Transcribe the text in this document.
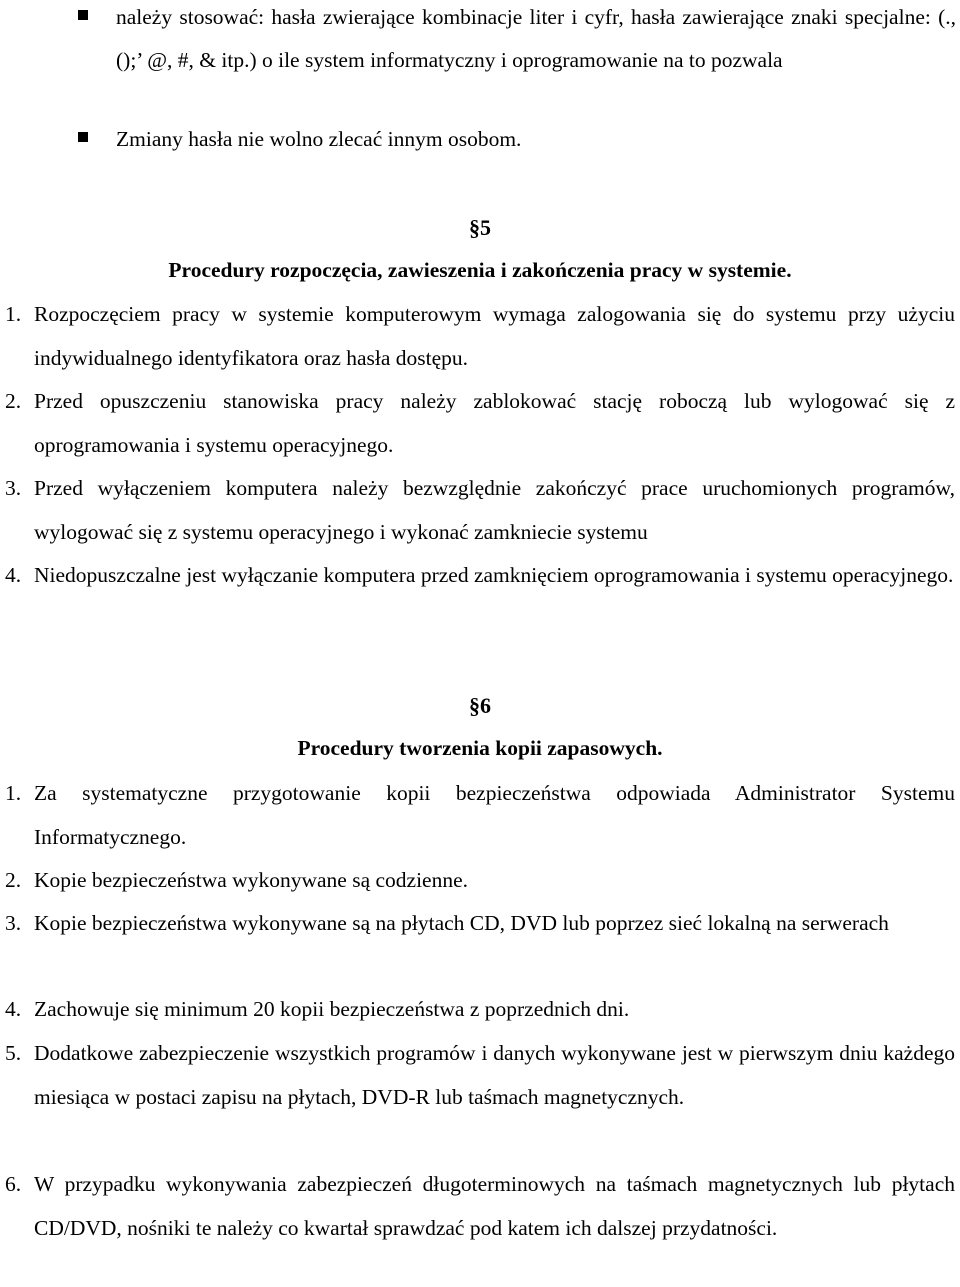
należy stosować: hasła zwierające kombinacje liter i cyfr, hasła zawierające znaki specjalne: (.,();’ @, #, & itp.) o ile system informatyczny i oprogramowanie na to pozwala
Zmiany hasła nie wolno zlecać innym osobom.
§5
Procedury rozpoczęcia, zawieszenia i zakończenia pracy w systemie.
1. Rozpoczęciem pracy w systemie komputerowym wymaga zalogowania się do systemu przy użyciu indywidualnego identyfikatora oraz hasła dostępu.
2. Przed opuszczeniu stanowiska pracy należy zablokować stację roboczą lub wylogować się z oprogramowania i systemu operacyjnego.
3. Przed wyłączeniem komputera należy bezwzględnie zakończyć prace uruchomionych programów, wylogować się z systemu operacyjnego i wykonać zamkniecie systemu
4. Niedopuszczalne jest wyłączanie komputera przed zamknięciem oprogramowania i systemu operacyjnego.
§6
Procedury tworzenia kopii zapasowych.
1. Za systematyczne przygotowanie kopii bezpieczeństwa odpowiada Administrator Systemu Informatycznego.
2. Kopie bezpieczeństwa wykonywane są codzienne.
3. Kopie bezpieczeństwa wykonywane są na płytach CD, DVD lub poprzez sieć lokalną na serwerach
4. Zachowuje się minimum 20 kopii bezpieczeństwa z poprzednich dni.
5. Dodatkowe zabezpieczenie wszystkich programów i danych wykonywane jest w pierwszym dniu każdego miesiąca w postaci zapisu na płytach, DVD-R lub taśmach magnetycznych.
6. W przypadku wykonywania zabezpieczeń długoterminowych na taśmach magnetycznych lub płytach CD/DVD, nośniki te należy co kwartał sprawdzać pod katem ich dalszej przydatności.
